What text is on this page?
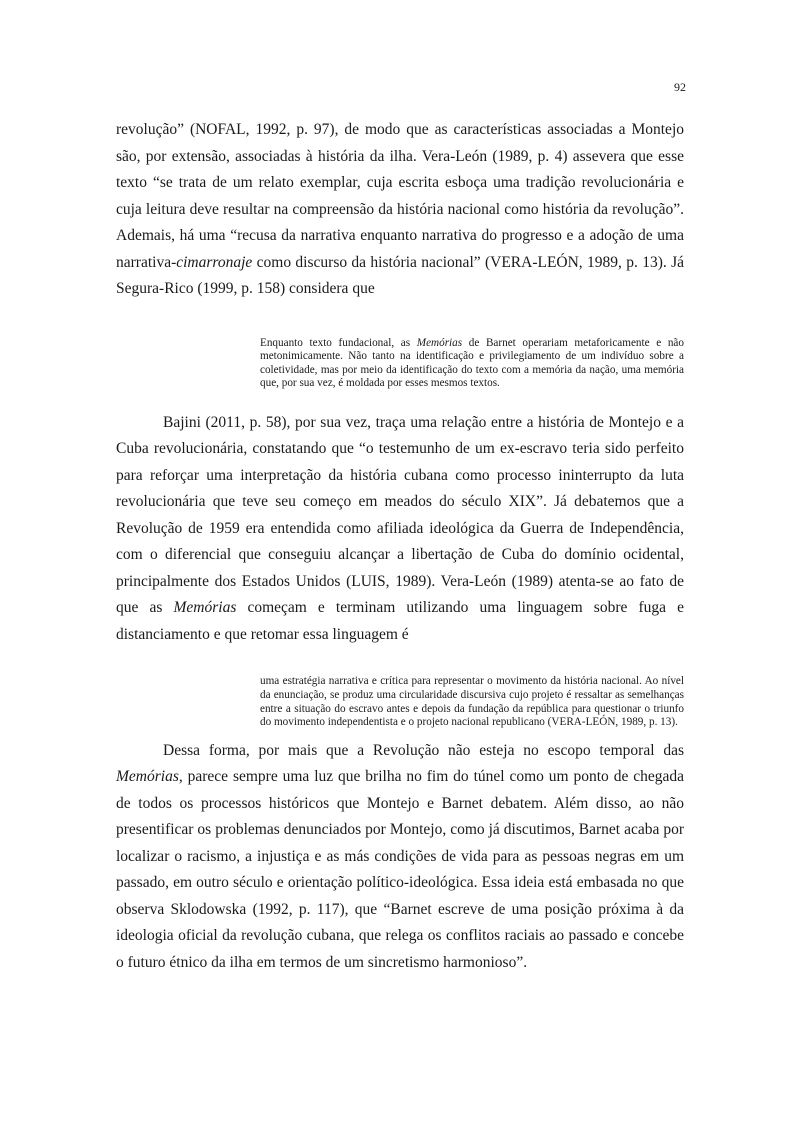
92

revolução” (NOFAL, 1992, p. 97), de modo que as características associadas a Montejo são, por extensão, associadas à história da ilha. Vera-León (1989, p. 4) assevera que esse texto “se trata de um relato exemplar, cuja escrita esboça uma tradição revolucionária e cuja leitura deve resultar na compreensão da história nacional como história da revolução”. Ademais, há uma “recusa da narrativa enquanto narrativa do progresso e a adoção de uma narrativa-cimarronaje como discurso da história nacional” (VERA-LEÓN, 1989, p. 13). Já Segura-Rico (1999, p. 158) considera que

Enquanto texto fundacional, as Memórias de Barnet operariam metaforicamente e não metonimicamente. Não tanto na identificação e privilegiamento de um indivíduo sobre a coletividade, mas por meio da identificação do texto com a memória da nação, uma memória que, por sua vez, é moldada por esses mesmos textos.

Bajini (2011, p. 58), por sua vez, traça uma relação entre a história de Montejo e a Cuba revolucionária, constatando que “o testemunho de um ex-escravo teria sido perfeito para reforçar uma interpretação da história cubana como processo ininterrupto da luta revolucionária que teve seu começo em meados do século XIX”. Já debatemos que a Revolução de 1959 era entendida como afiliada ideológica da Guerra de Independência, com o diferencial que conseguiu alcançar a libertação de Cuba do domínio ocidental, principalmente dos Estados Unidos (LUIS, 1989). Vera-León (1989) atenta-se ao fato de que as Memórias começam e terminam utilizando uma linguagem sobre fuga e distanciamento e que retomar essa linguagem é

uma estratégia narrativa e crítica para representar o movimento da história nacional. Ao nível da enunciação, se produz uma circularidade discursiva cujo projeto é ressaltar as semelhanças entre a situação do escravo antes e depois da fundação da república para questionar o triunfo do movimento independentista e o projeto nacional republicano (VERA-LEÓN, 1989, p. 13).

Dessa forma, por mais que a Revolução não esteja no escopo temporal das Memórias, parece sempre uma luz que brilha no fim do túnel como um ponto de chegada de todos os processos históricos que Montejo e Barnet debatem. Além disso, ao não presentificar os problemas denunciados por Montejo, como já discutimos, Barnet acaba por localizar o racismo, a injustiça e as más condições de vida para as pessoas negras em um passado, em outro século e orientação político-ideológica. Essa ideia está embasada no que observa Sklodowska (1992, p. 117), que “Barnet escreve de uma posição próxima à da ideologia oficial da revolução cubana, que relega os conflitos raciais ao passado e concebe o futuro étnico da ilha em termos de um sincretismo harmonioso”.
